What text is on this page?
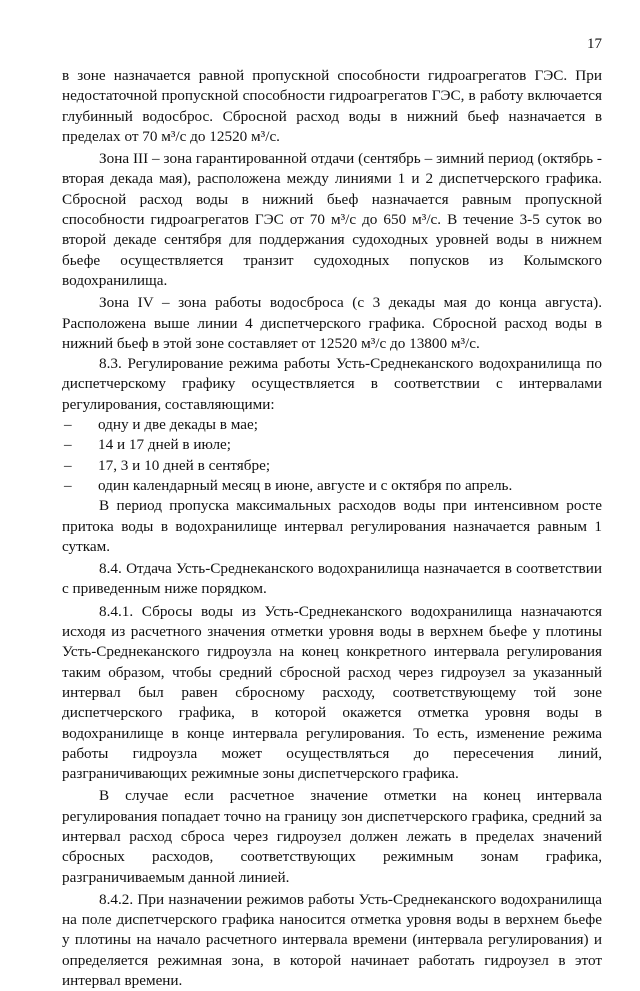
17

в зоне назначается равной пропускной способности гидроагрегатов ГЭС. При недостаточной пропускной способности гидроагрегатов ГЭС, в работу включается глубинный водосброс. Сбросной расход воды в нижний бьеф назначается в пределах от 70 м³/с до 12520 м³/с.

Зона III – зона гарантированной отдачи (сентябрь – зимний период (октябрь - вторая декада мая), расположена между линиями 1 и 2 диспетчерского графика. Сбросной расход воды в нижний бьеф назначается равным пропускной способности гидроагрегатов ГЭС от 70 м³/с до 650 м³/с. В течение 3-5 суток во второй декаде сентября для поддержания судоходных уровней воды в нижнем бьефе осуществляется транзит судоходных попусков из Колымского водохранилища.

Зона IV – зона работы водосброса (с 3 декады мая до конца августа). Расположена выше линии 4 диспетчерского графика. Сбросной расход воды в нижний бьеф в этой зоне составляет от 12520 м³/с до 13800 м³/с.

8.3. Регулирование режима работы Усть-Среднеканского водохранилища по диспетчерскому графику осуществляется в соответствии с интервалами регулирования, составляющими:

–	одну и две декады в мае;
–	14 и 17 дней в июле;
–	17, 3 и 10 дней в сентябре;
–	один календарный месяц в июне, августе и с октября по апрель.

В период пропуска максимальных расходов воды при интенсивном росте притока воды в водохранилище интервал регулирования назначается равным 1 суткам.

8.4. Отдача Усть-Среднеканского водохранилища назначается в соответствии с приведенным ниже порядком.

8.4.1. Сбросы воды из Усть-Среднеканского водохранилища назначаются исходя из расчетного значения отметки уровня воды в верхнем бьефе у плотины Усть-Среднеканского гидроузла на конец конкретного интервала регулирования таким образом, чтобы средний сбросной расход через гидроузел за указанный интервал был равен сбросному расходу, соответствующему той зоне диспетчерского графика, в которой окажется отметка уровня воды в водохранилище в конце интервала регулирования. То есть, изменение режима работы гидроузла может осуществляться до пересечения линий, разграничивающих режимные зоны диспетчерского графика.

В случае если расчетное значение отметки на конец интервала регулирования попадает точно на границу зон диспетчерского графика, средний за интервал расход сброса через гидроузел должен лежать в пределах значений сбросных расходов, соответствующих режимным зонам графика, разграничиваемым данной линией.

8.4.2. При назначении режимов работы Усть-Среднеканского водохранилища на поле диспетчерского графика наносится отметка уровня воды в верхнем бьефе у плотины на начало расчетного интервала времени (интервала регулирования) и определяется режимная зона, в которой начинает работать гидроузел в этот интервал времени.
